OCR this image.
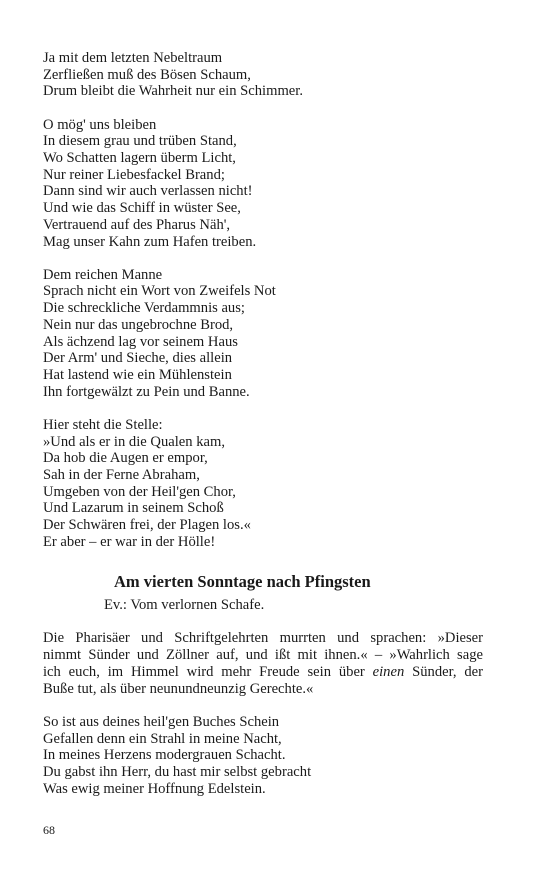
Ja mit dem letzten Nebeltraum
Zerfließen muß des Bösen Schaum,
Drum bleibt die Wahrheit nur ein Schimmer.
O mög' uns bleiben
In diesem grau und trüben Stand,
Wo Schatten lagern überm Licht,
Nur reiner Liebesfackel Brand;
Dann sind wir auch verlassen nicht!
Und wie das Schiff in wüster See,
Vertrauend auf des Pharus Näh',
Mag unser Kahn zum Hafen treiben.
Dem reichen Manne
Sprach nicht ein Wort von Zweifels Not
Die schreckliche Verdammnis aus;
Nein nur das ungebrochne Brod,
Als ächzend lag vor seinem Haus
Der Arm' und Sieche, dies allein
Hat lastend wie ein Mühlenstein
Ihn fortgewälzt zu Pein und Banne.
Hier steht die Stelle:
»Und als er in die Qualen kam,
Da hob die Augen er empor,
Sah in der Ferne Abraham,
Umgeben von der Heil'gen Chor,
Und Lazarum in seinem Schoß
Der Schwären frei, der Plagen los.«
Er aber – er war in der Hölle!
Am vierten Sonntage nach Pfingsten
Ev.: Vom verlornen Schafe.
Die Pharisäer und Schriftgelehrten murrten und sprachen: »Dieser
nimmt Sünder und Zöllner auf, und ißt mit ihnen.« – »Wahrlich sage
ich euch, im Himmel wird mehr Freude sein über einen Sünder, der
Buße tut, als über neunundneunzig Gerechte.«
So ist aus deines heil'gen Buches Schein
Gefallen denn ein Strahl in meine Nacht,
In meines Herzens modergrauen Schacht.
Du gabst ihn Herr, du hast mir selbst gebracht
Was ewig meiner Hoffnung Edelstein.
68
